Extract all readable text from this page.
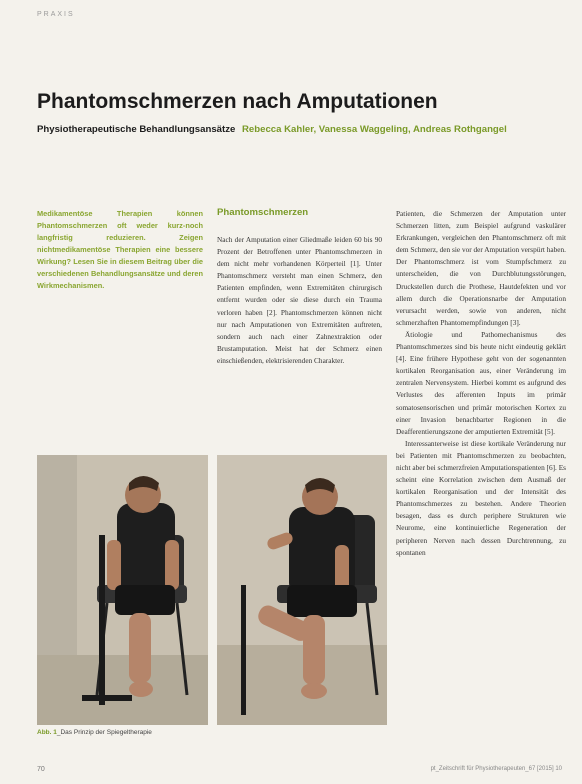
PRAXIS
Phantomschmerzen nach Amputationen
Physiotherapeutische Behandlungsansätze Rebecca Kahler, Vanessa Waggeling, Andreas Rothgangel
Medikamentöse Therapien können Phantomschmerzen oft weder kurz-noch langfristig reduzieren. Zeigen nichtmedikamentöse Therapien eine bessere Wirkung? Lesen Sie in diesem Beitrag über die verschiedenen Behandlungsansätze und deren Wirkmechanismen.
Phantomschmerzen

Nach der Amputation einer Gliedmaße leiden 60 bis 90 Prozent der Betroffenen unter Phantomschmerzen in dem nicht mehr vorhandenen Körperteil [1]. Unter Phantomschmerz versteht man einen Schmerz, den Patienten empfinden, wenn Extremitäten chirurgisch entfernt wurden oder sie diese durch ein Trauma verloren haben [2]. Phantomschmerzen können nicht nur nach Amputationen von Extremitäten auftreten, sondern auch nach einer Zahnextraktion oder Brustamputation. Meist hat der Schmerz einen einschießenden, elektrisierenden Charakter.

Patienten, die Schmerzen der Amputation unter Schmerzen litten, zum Beispiel aufgrund vaskulärer Erkrankungen, vergleichen den Phantomschmerz oft mit dem Schmerz, den sie vor der Amputation verspürt haben. Der Phantomschmerz ist vom Stumpfschmerz zu unterscheiden, die von Durchblutungsstörungen, Druckstellen durch die Prothese, Hautdefekten und vor allem durch die Operationsnarbe der Amputation verursacht werden, sowie von anderen, nicht schmerzhaften Phantomempfindungen [3].

Ätiologie und Pathomechanismus des Phantomschmerzes sind bis heute nicht eindeutig geklärt [4]. Eine frühere Hypothese geht von der sogenannten kortikalen Reorganisation aus, einer Veränderung im zentralen Nervensystem. Hierbei kommt es aufgrund des Verlustes des afferenten Inputs im primär somatosensorischen und primär motorischen Kortex zu einer Invasion benachbarter Regionen in die Deafferentierungszone der amputierten Extremität [5].

Interessanterweise ist diese kortikale Veränderung nur bei Patienten mit Phantomschmerzen zu beobachten, nicht aber bei schmerzfreien Amputationspatienten [6]. Es scheint eine Korrelation zwischen dem Ausmaß der kortikalen Reorganisation und der Intensität des Phantomschmerzes zu bestehen. Andere Theorien besagen, dass es durch periphere Strukturen wie Neurome, eine kontinuierliche Regeneration der peripheren Nerven nach dessen Durchtrennung, zu spontanen

Abb. 1_Das Prinzip der Spiegeltherapie
70	pt_Zeitschrift für Physiotherapeuten_67 [2015] 10
